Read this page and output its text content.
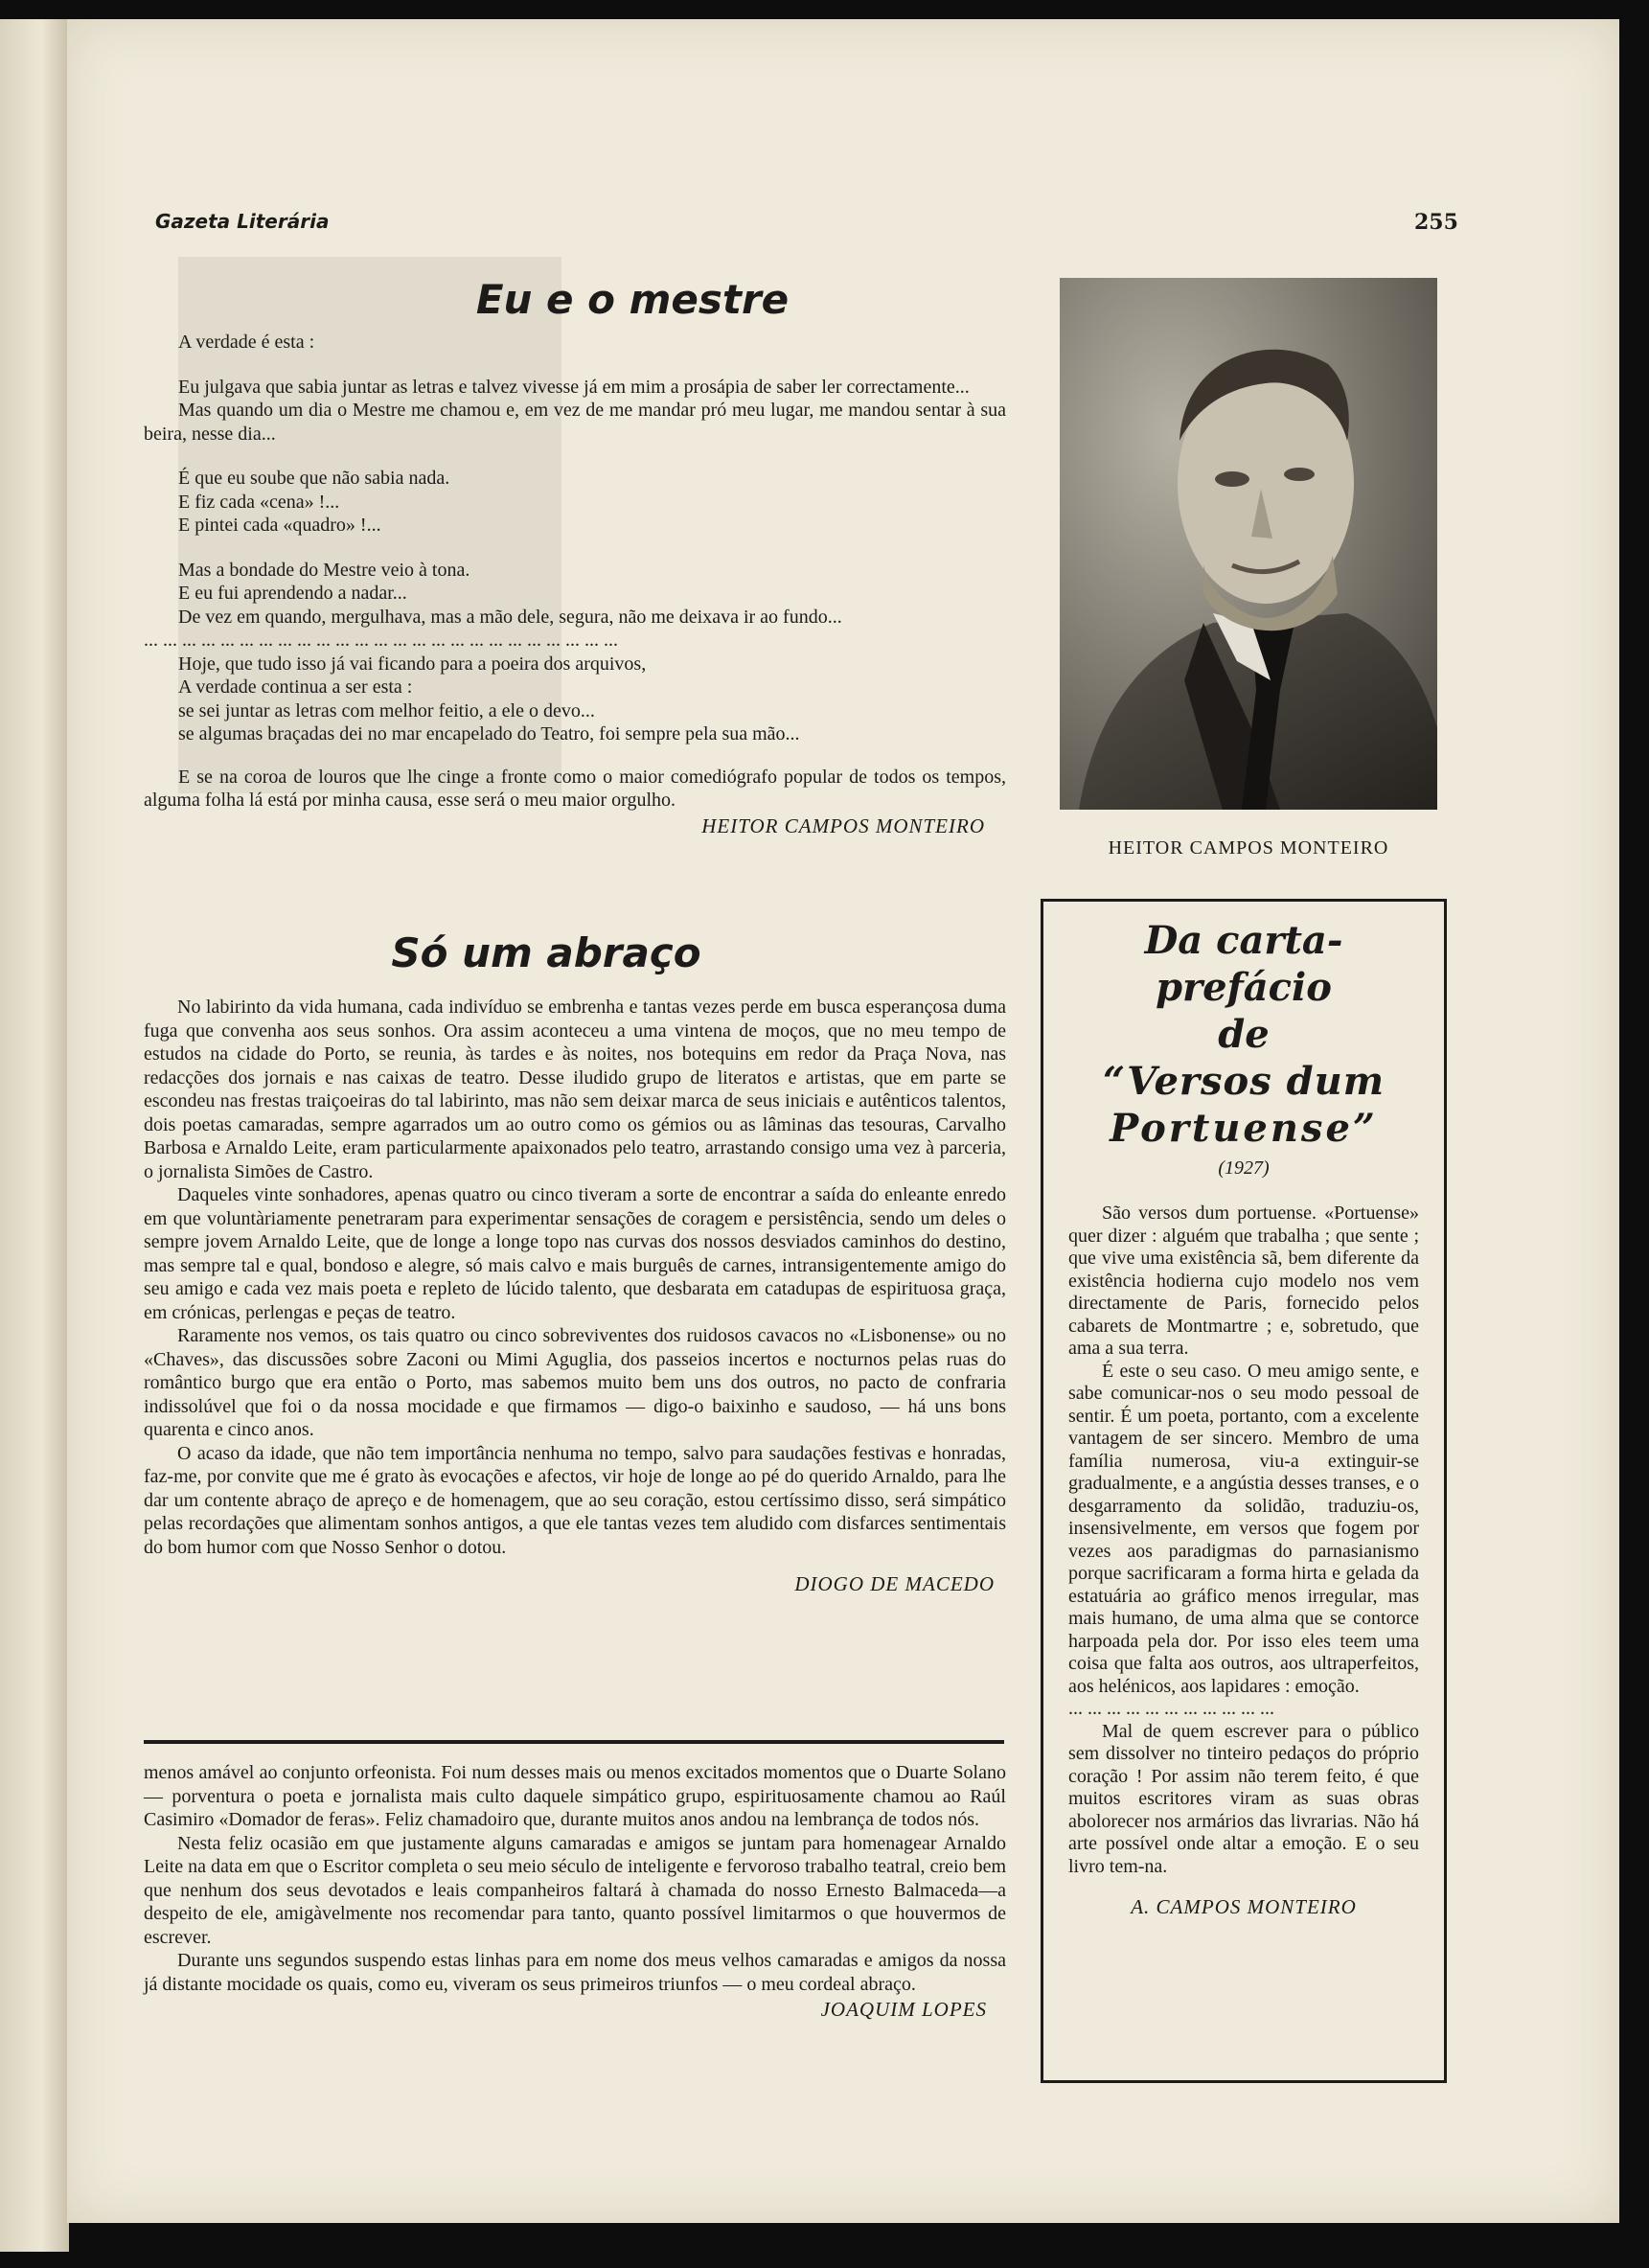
Gazeta Literária	255
Eu e o mestre

A verdade é esta :

Eu julgava que sabia juntar as letras e talvez vivesse já em mim a prosápia de saber ler correctamente...

Mas quando um dia o Mestre me chamou e, em vez de me mandar pró meu lugar, me mandou sentar à sua beira, nesse dia...

É que eu soube que não sabia nada.

E fiz cada «cena» !...

E pintei cada «quadro» !...

Mas a bondade do Mestre veio à tona.

E eu fui aprendendo a nadar...

De vez em quando, mergulhava, mas a mão dele, segura, não me deixava ir ao fundo...

... ... ... ... ... ... ... ... ... ... ... ... ... ... ... ... ... ... ... ... ... ... ... ... ...

Hoje, que tudo isso já vai ficando para a poeira dos arquivos,

A verdade continua a ser esta :

se sei juntar as letras com melhor feitio, a ele o devo...

se algumas braçadas dei no mar encapelado do Teatro, foi sempre pela sua mão...

E se na coroa de louros que lhe cinge a fronte como o maior comediógrafo popular de todos os tempos, alguma folha lá está por minha causa, esse será o meu maior orgulho.

HEITOR CAMPOS MONTEIRO

Só um abraço

No labirinto da vida humana, cada indivíduo se embrenha e tantas vezes perde em busca esperançosa duma fuga que convenha aos seus sonhos. Ora assim aconteceu a uma vintena de moços, que no meu tempo de estudos na cidade do Porto, se reunia, às tardes e às noites, nos botequins em redor da Praça Nova, nas redacções dos jornais e nas caixas de teatro. Desse iludido grupo de literatos e artistas, que em parte se escondeu nas frestas traiçoeiras do tal labirinto, mas não sem deixar marca de seus iniciais e autênticos talentos, dois poetas camaradas, sempre agarrados um ao outro como os gémios ou as lâminas das tesouras, Carvalho Barbosa e Arnaldo Leite, eram particularmente apaixonados pelo teatro, arrastando consigo uma vez à parceria, o jornalista Simões de Castro.

Daqueles vinte sonhadores, apenas quatro ou cinco tiveram a sorte de encontrar a saída do enleante enredo em que voluntàriamente penetraram para experimentar sensações de coragem e persistência, sendo um deles o sempre jovem Arnaldo Leite, que de longe a longe topo nas curvas dos nossos desviados caminhos do destino, mas sempre tal e qual, bondoso e alegre, só mais calvo e mais burguês de carnes, intransigentemente amigo do seu amigo e cada vez mais poeta e repleto de lúcido talento, que desbarata em catadupas de espirituosa graça, em crónicas, perlengas e peças de teatro.

Raramente nos vemos, os tais quatro ou cinco sobreviventes dos ruidosos cavacos no «Lisbonense» ou no «Chaves», das discussões sobre Zaconi ou Mimi Aguglia, dos passeios incertos e nocturnos pelas ruas do romântico burgo que era então o Porto, mas sabemos muito bem uns dos outros, no pacto de confraria indissolúvel que foi o da nossa mocidade e que firmamos — digo-o baixinho e saudoso, — há uns bons quarenta e cinco anos.

O acaso da idade, que não tem importância nenhuma no tempo, salvo para saudações festivas e honradas, faz-me, por convite que me é grato às evocações e afectos, vir hoje de longe ao pé do querido Arnaldo, para lhe dar um contente abraço de apreço e de homenagem, que ao seu coração, estou certíssimo disso, será simpático pelas recordações que alimentam sonhos antigos, a que ele tantas vezes tem aludido com disfarces sentimentais do bom humor com que Nosso Senhor o dotou.

DIOGO DE MACEDO

menos amável ao conjunto orfeonista. Foi num desses mais ou menos excitados momentos que o Duarte Solano — porventura o poeta e jornalista mais culto daquele simpático grupo, espirituosamente chamou ao Raúl Casimiro «Domador de feras». Feliz chamadoiro que, durante muitos anos andou na lembrança de todos nós.

Nesta feliz ocasião em que justamente alguns camaradas e amigos se juntam para homenagear Arnaldo Leite na data em que o Escritor completa o seu meio século de inteligente e fervoroso trabalho teatral, creio bem que nenhum dos seus devotados e leais companheiros faltará à chamada do nosso Ernesto Balmaceda—a despeito de ele, amigàvelmente nos recomendar para tanto, quanto possível limitarmos o que houvermos de escrever.

Durante uns segundos suspendo estas linhas para em nome dos meus velhos camaradas e amigos da nossa já distante mocidade os quais, como eu, viveram os seus primeiros triunfos — o meu cordeal abraço.

JOAQUIM LOPES

HEITOR CAMPOS MONTEIRO

Da carta-prefácio

de

“Versos dum

Portuense”

(1927)

São versos dum portuense. «Portuense» quer dizer : alguém que trabalha ; que sente ; que vive uma existência sã, bem diferente da existência hodierna cujo modelo nos vem directamente de Paris, fornecido pelos cabarets de Montmartre ; e, sobretudo, que ama a sua terra.

É este o seu caso. O meu amigo sente, e sabe comunicar-nos o seu modo pessoal de sentir. É um poeta, portanto, com a excelente vantagem de ser sincero. Membro de uma família numerosa, viu-a extinguir-se gradualmente, e a angústia desses transes, e o desgarramento da solidão, traduziu-os, insensivelmente, em versos que fogem por vezes aos paradigmas do parnasianismo porque sacrificaram a forma hirta e gelada da estatuária ao gráfico menos irregular, mas mais humano, de uma alma que se contorce harpoada pela dor. Por isso eles teem uma coisa que falta aos outros, aos ultraperfeitos, aos helénicos, aos lapidares : emoção.

... ... ... ... ... ... ... ... ... ... ...

Mal de quem escrever para o público sem dissolver no tinteiro pedaços do próprio coração ! Por assim não terem feito, é que muitos escritores viram as suas obras abolorecer nos armários das livrarias. Não há arte possível onde altar a emoção. E o seu livro tem-na.

A. CAMPOS MONTEIRO
